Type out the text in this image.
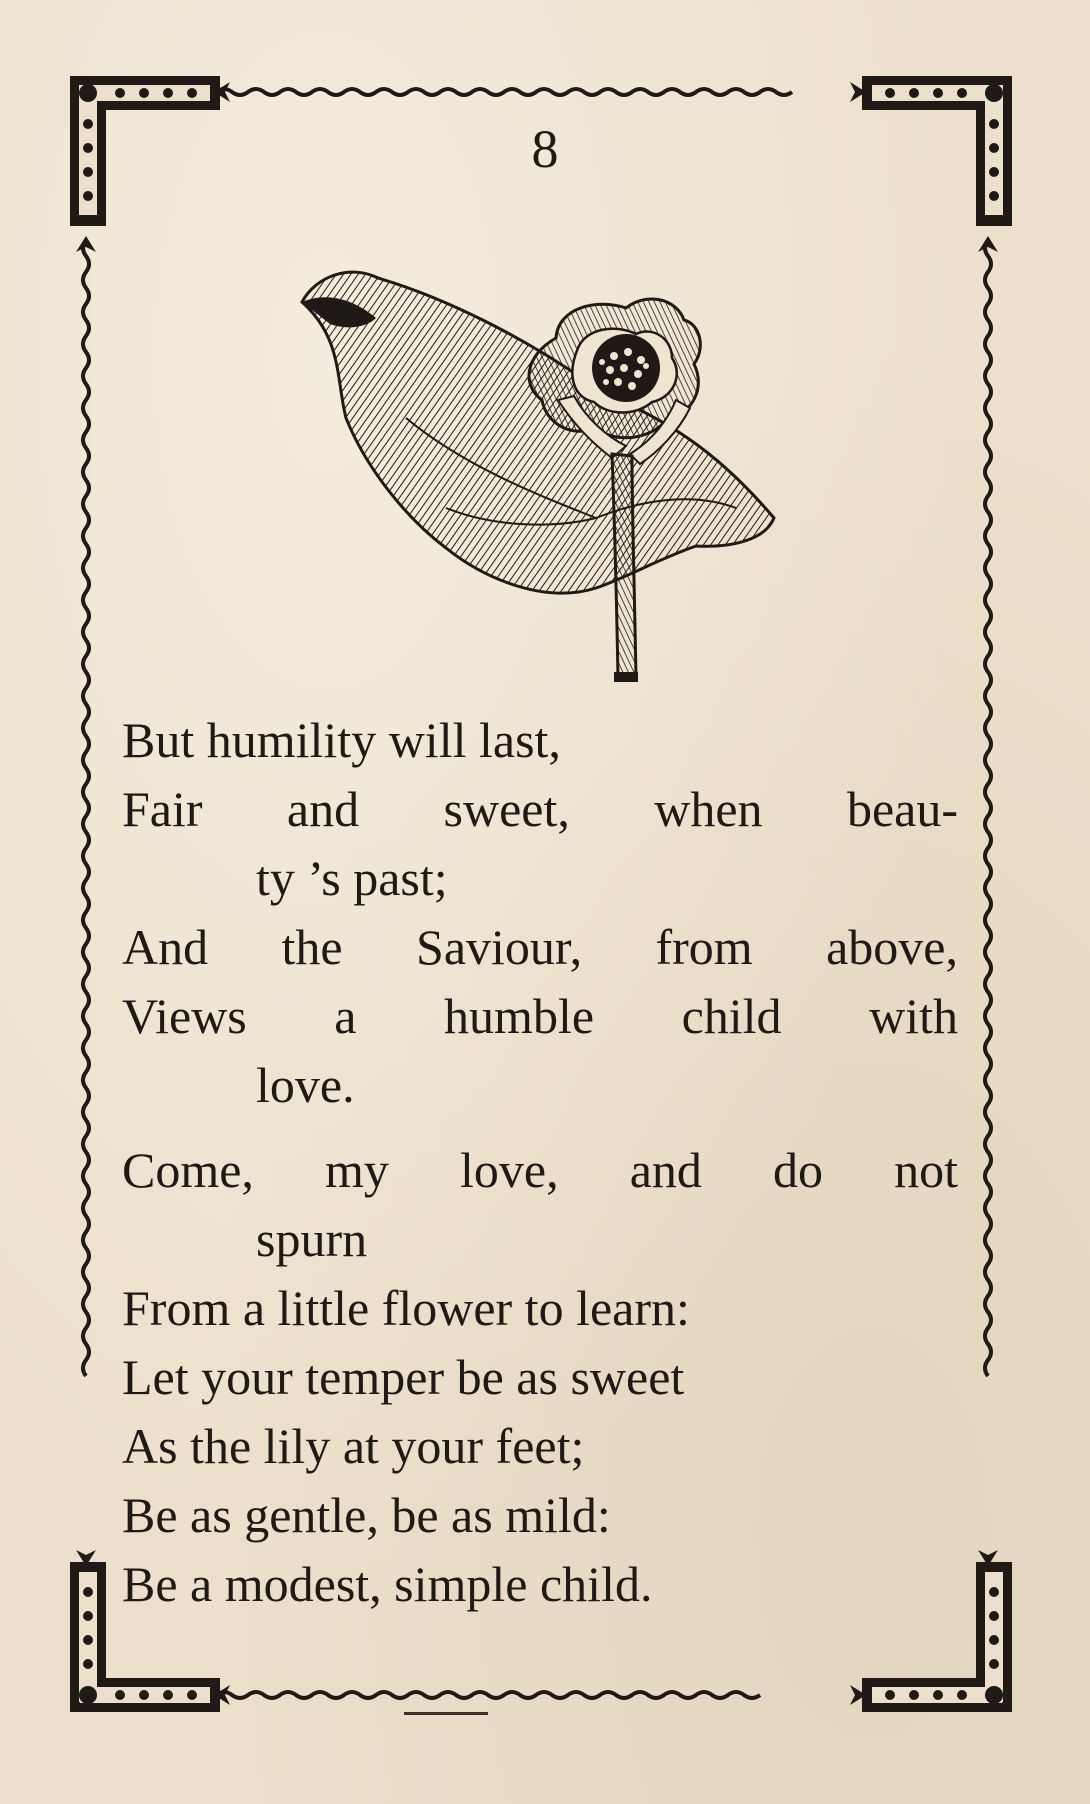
8
But humility will last,
Fair and sweet, when beau-
ty ’s past;
And the Saviour, from above,
Views a humble child with
love.
Come, my love, and do not
spurn
From a little flower to learn:
Let your temper be as sweet
As the lily at your feet;
Be as gentle, be as mild:
Be a modest, simple child.
